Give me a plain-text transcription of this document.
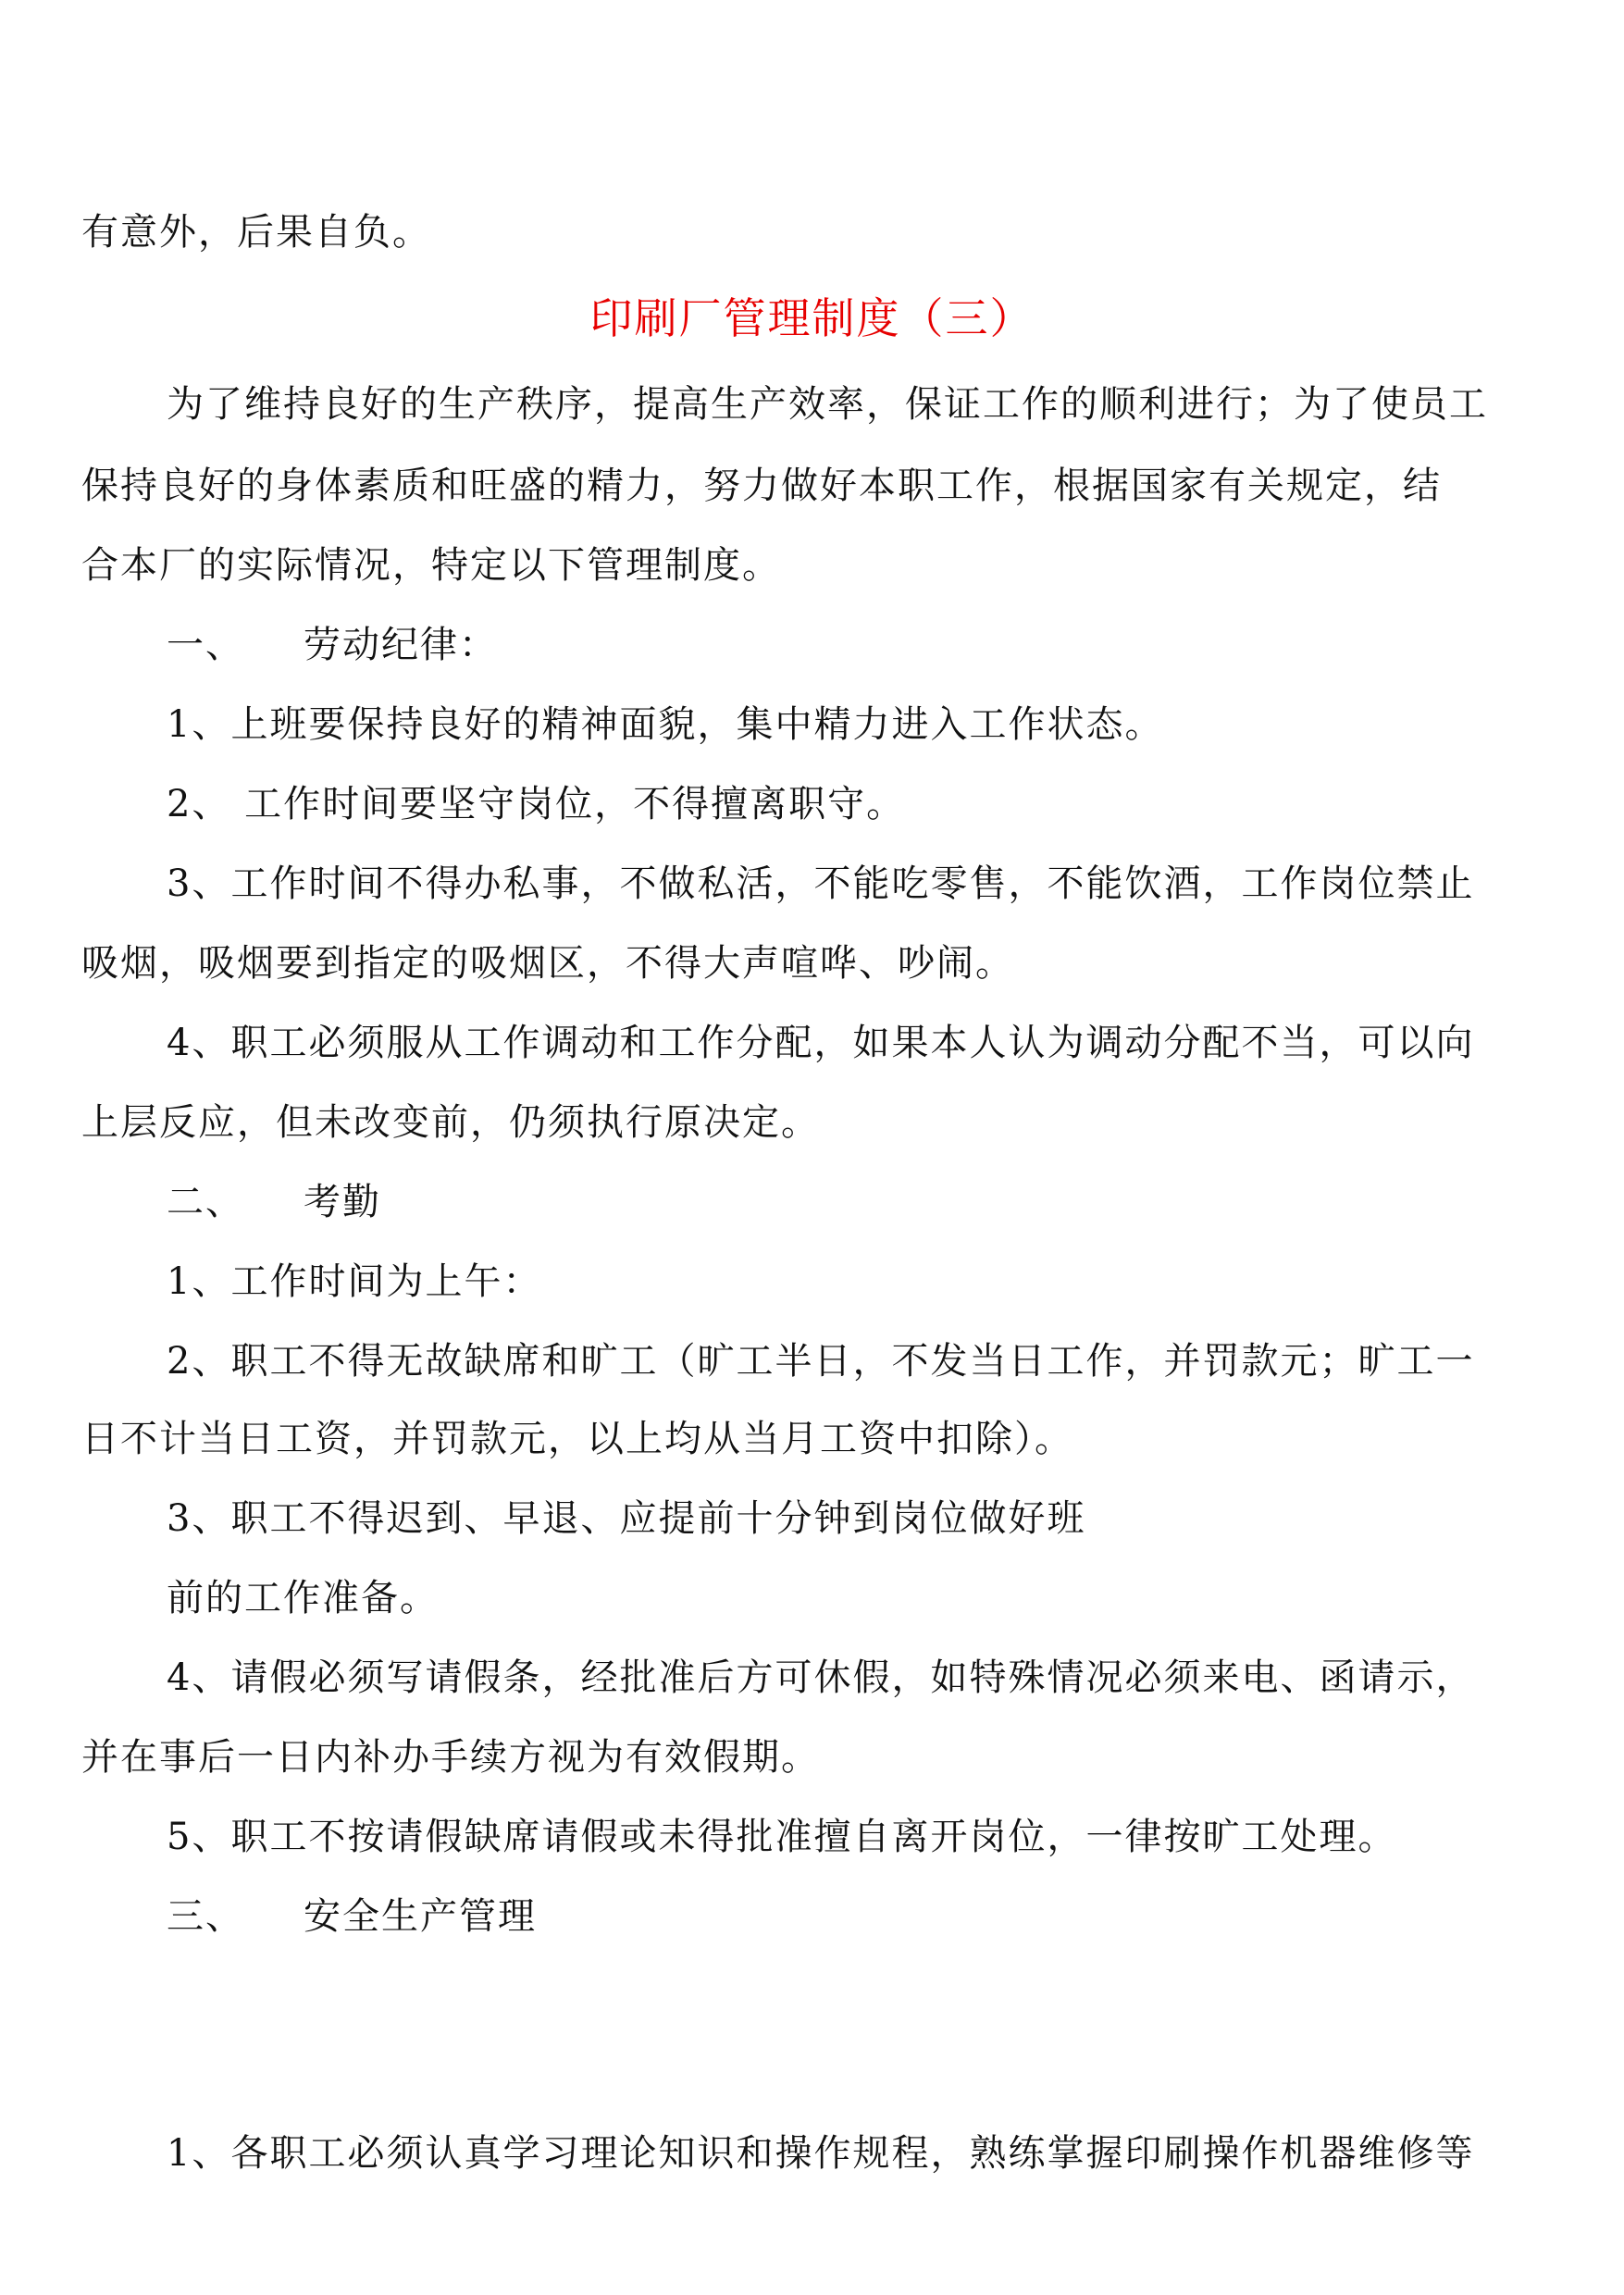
有意外，后果自负。
印刷厂管理制度（三）
为了维持良好的生产秩序，提高生产效率，保证工作的顺利进行；为了使员工
保持良好的身体素质和旺盛的精力，努力做好本职工作，根据国家有关规定，结
合本厂的实际情况，特定以下管理制度。
一、　　劳动纪律：
1、上班要保持良好的精神面貌，集中精力进入工作状态。
2、 工作时间要坚守岗位，不得擅离职守。
3、工作时间不得办私事，不做私活，不能吃零售，不能饮酒，工作岗位禁止
吸烟，吸烟要到指定的吸烟区，不得大声喧哗、吵闹。
4、职工必须服从工作调动和工作分配，如果本人认为调动分配不当，可以向
上层反应，但未改变前，仍须执行原决定。
二、　　考勤
1、工作时间为上午：
2、职工不得无故缺席和旷工（旷工半日，不发当日工作，并罚款元；旷工一
日不计当日工资，并罚款元，以上均从当月工资中扣除）。
3、职工不得迟到、早退、应提前十分钟到岗位做好班
前的工作准备。
4、请假必须写请假条，经批准后方可休假，如特殊情况必须来电、函请示，
并在事后一日内补办手续方视为有效假期。
5、职工不按请假缺席请假或未得批准擅自离开岗位，一律按旷工处理。
三、　　安全生产管理
1、各职工必须认真学习理论知识和操作规程，熟练掌握印刷操作机器维修等
